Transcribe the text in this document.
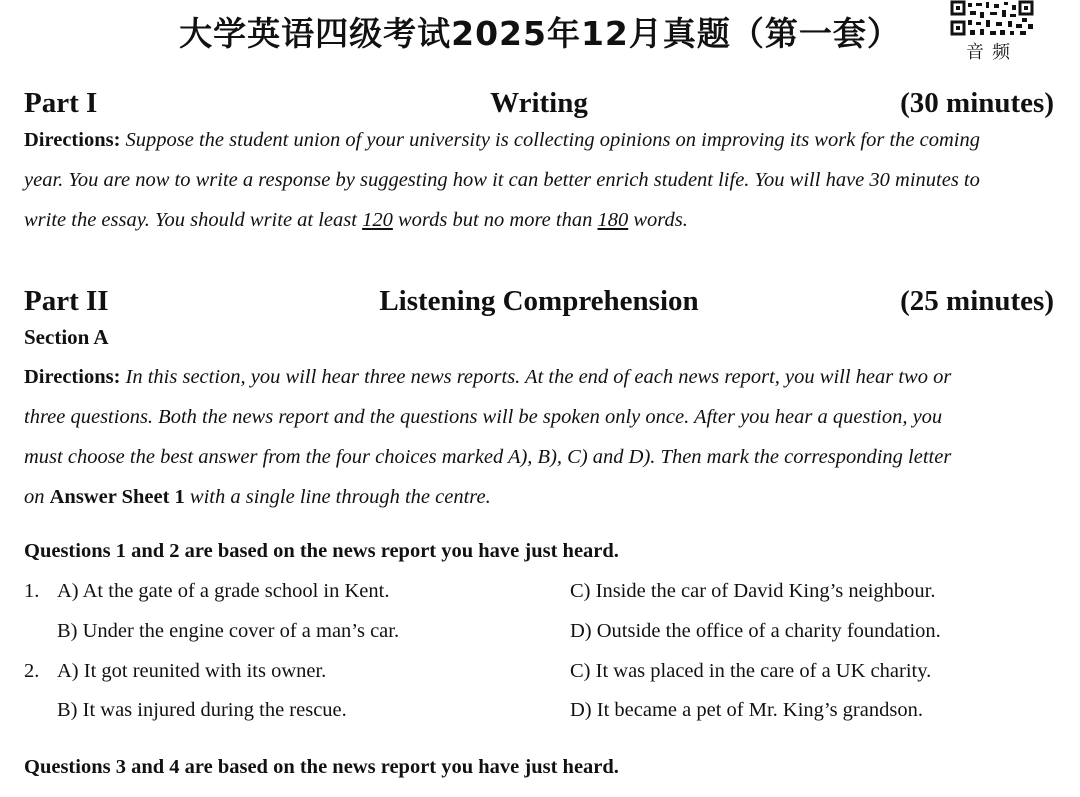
大学英语四级考试2025年12月真题（第一套）	音频
Part I	Writing	(30 minutes)
Directions: Suppose the student union of your university is collecting opinions on improving its work for the coming
year. You are now to write a response by suggesting how it can better enrich student life. You will have 30 minutes to
write the essay. You should write at least 120 words but no more than 180 words.
Part II	Listening Comprehension	(25 minutes)
Section A
Directions: In this section, you will hear three news reports. At the end of each news report, you will hear two or
three questions. Both the news report and the questions will be spoken only once. After you hear a question, you
must choose the best answer from the four choices marked A), B), C) and D). Then mark the corresponding letter
on Answer Sheet 1 with a single line through the centre.
Questions 1 and 2 are based on the news report you have just heard.
1. A) At the gate of a grade school in Kent.	C) Inside the car of David King’s neighbour.
B) Under the engine cover of a man’s car.	D) Outside the office of a charity foundation.
2. A) It got reunited with its owner.	C) It was placed in the care of a UK charity.
B) It was injured during the rescue.	D) It became a pet of Mr. King’s grandson.
Questions 3 and 4 are based on the news report you have just heard.
